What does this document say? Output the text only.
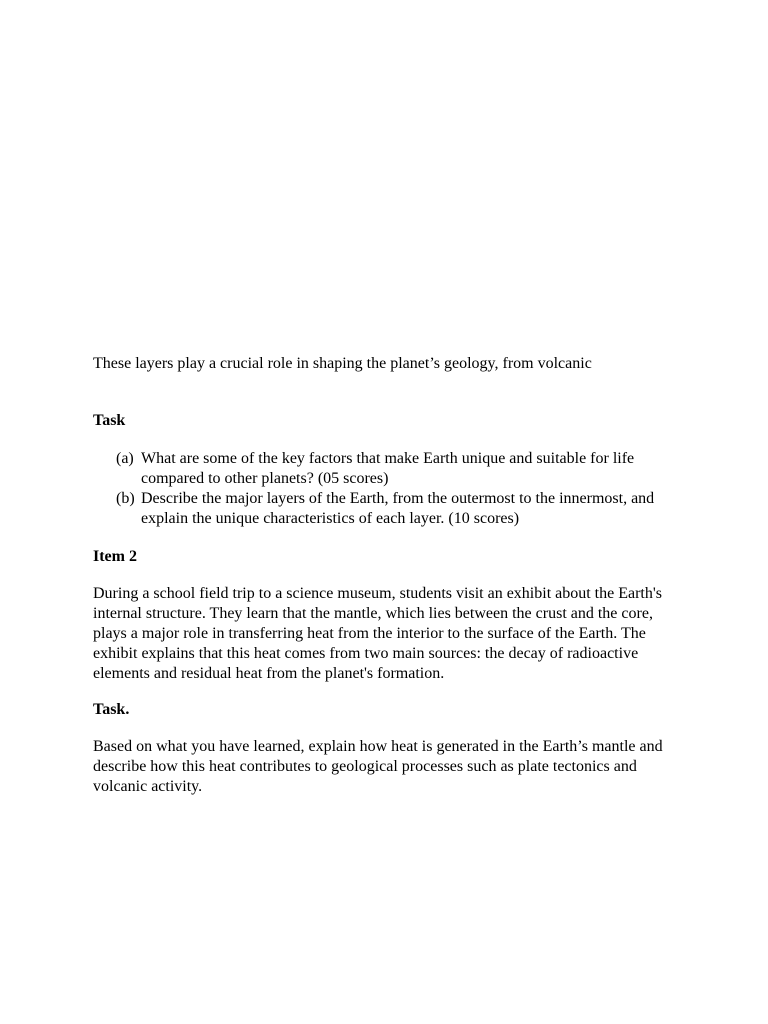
These layers play a crucial role in shaping the planet’s geology, from volcanic

Task

(a) What are some of the key factors that make Earth unique and suitable for life compared to other planets? (05 scores)
(b) Describe the major layers of the Earth, from the outermost to the innermost, and explain the unique characteristics of each layer. (10 scores)

Item 2

During a school field trip to a science museum, students visit an exhibit about the Earth's internal structure. They learn that the mantle, which lies between the crust and the core, plays a major role in transferring heat from the interior to the surface of the Earth. The exhibit explains that this heat comes from two main sources: the decay of radioactive elements and residual heat from the planet's formation.

Task.

Based on what you have learned, explain how heat is generated in the Earth’s mantle and describe how this heat contributes to geological processes such as plate tectonics and volcanic activity.
